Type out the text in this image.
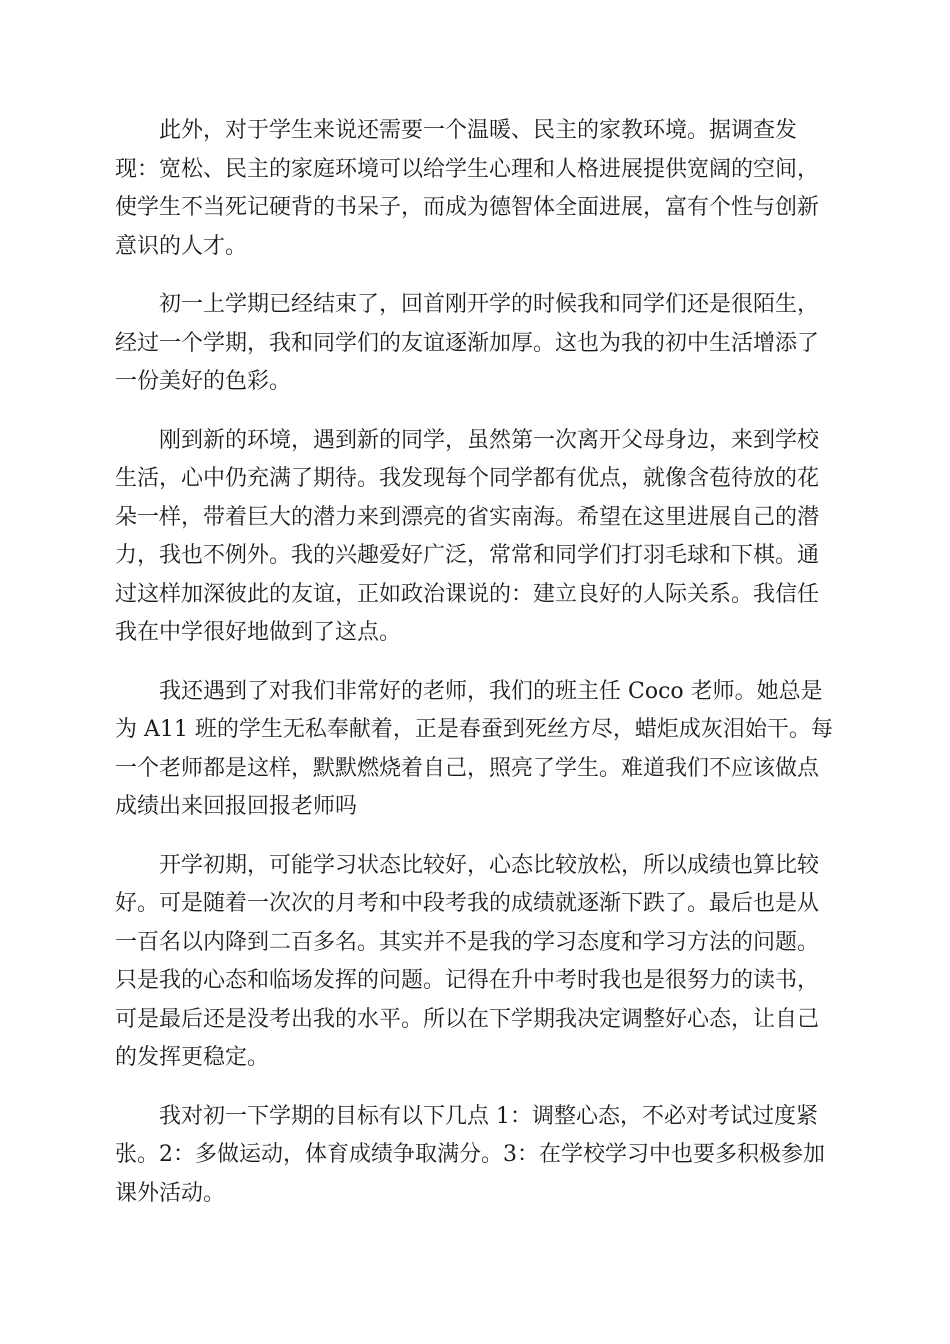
此外，对于学生来说还需要一个温暖、民主的家教环境。据调查发
现：宽松、民主的家庭环境可以给学生心理和人格进展提供宽阔的空间，
使学生不当死记硬背的书呆子，而成为德智体全面进展，富有个性与创新
意识的人才。

初一上学期已经结束了，回首刚开学的时候我和同学们还是很陌生，
经过一个学期，我和同学们的友谊逐渐加厚。这也为我的初中生活增添了
一份美好的色彩。

刚到新的环境，遇到新的同学，虽然第一次离开父母身边，来到学校
生活，心中仍充满了期待。我发现每个同学都有优点，就像含苞待放的花
朵一样，带着巨大的潜力来到漂亮的省实南海。希望在这里进展自己的潜
力，我也不例外。我的兴趣爱好广泛，常常和同学们打羽毛球和下棋。通
过这样加深彼此的友谊，正如政治课说的：建立良好的人际关系。我信任
我在中学很好地做到了这点。

我还遇到了对我们非常好的老师，我们的班主任 Coco 老师。她总是
为 A11 班的学生无私奉献着，正是春蚕到死丝方尽，蜡炬成灰泪始干。每
一个老师都是这样，默默燃烧着自己，照亮了学生。难道我们不应该做点
成绩出来回报回报老师吗

开学初期，可能学习状态比较好，心态比较放松，所以成绩也算比较
好。可是随着一次次的月考和中段考我的成绩就逐渐下跌了。最后也是从
一百名以内降到二百多名。其实并不是我的学习态度和学习方法的问题。
只是我的心态和临场发挥的问题。记得在升中考时我也是很努力的读书，
可是最后还是没考出我的水平。所以在下学期我决定调整好心态，让自己
的发挥更稳定。

我对初一下学期的目标有以下几点 1：调整心态，不必对考试过度紧
张。2：多做运动，体育成绩争取满分。3：在学校学习中也要多积极参加
课外活动。
